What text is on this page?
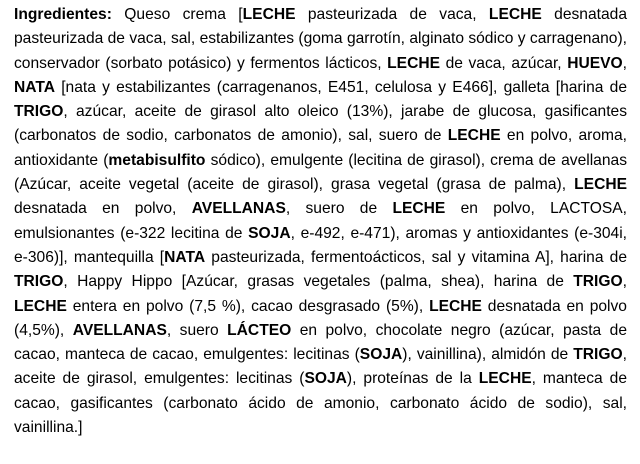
Ingredientes: Queso crema [LECHE pasteurizada de vaca, LECHE desnatada pasteurizada de vaca, sal, estabilizantes (goma garrotín, alginato sódico y carragenano), conservador (sorbato potásico) y fermentos lácticos, LECHE de vaca, azúcar, HUEVO, NATA [nata y estabilizantes (carragenanos, E451, celulosa y E466], galleta [harina de TRIGO, azúcar, aceite de girasol alto oleico (13%), jarabe de glucosa, gasificantes (carbonatos de sodio, carbonatos de amonio), sal, suero de LECHE en polvo, aroma, antioxidante (metabisulfito sódico), emulgente (lecitina de girasol), crema de avellanas (Azúcar, aceite vegetal (aceite de girasol), grasa vegetal (grasa de palma), LECHE desnatada en polvo, AVELLANAS, suero de LECHE en polvo, LACTOSA, emulsionantes (e-322 lecitina de SOJA, e-492, e-471), aromas y antioxidantes (e-304i, e-306)], mantequilla [NATA pasteurizada, fermentoácticos, sal y vitamina A], harina de TRIGO, Happy Hippo [Azúcar, grasas vegetales (palma, shea), harina de TRIGO, LECHE entera en polvo (7,5 %), cacao desgrasado (5%), LECHE desnatada en polvo (4,5%), AVELLANAS, suero LÁCTEO en polvo, chocolate negro (azúcar, pasta de cacao, manteca de cacao, emulgentes: lecitinas (SOJA), vainillina), almidón de TRIGO, aceite de girasol, emulgentes: lecitinas (SOJA), proteínas de la LECHE, manteca de cacao, gasificantes (carbonato ácido de amonio, carbonato ácido de sodio), sal, vainillina.]
